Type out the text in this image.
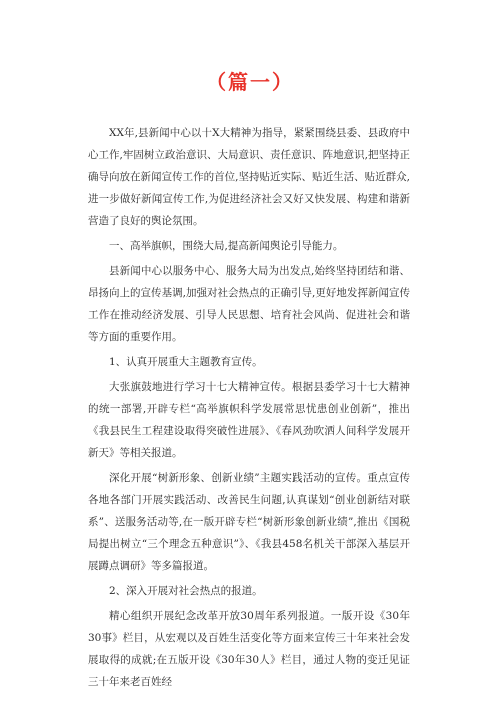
（篇一）

XX年,县新闻中心以十X大精神为指导，紧紧围绕县委、县政府中心工作,牢固树立政治意识、大局意识、责任意识、阵地意识,把坚持正确导向放在新闻宣传工作的首位,坚持贴近实际、贴近生活、贴近群众,进一步做好新闻宣传工作,为促进经济社会又好又快发展、构建和谐新营造了良好的舆论氛围。

一、高举旗帜，围绕大局,提高新闻舆论引导能力。

县新闻中心以服务中心、服务大局为出发点,始终坚持团结和谐、昂扬向上的宣传基调,加强对社会热点的正确引导,更好地发挥新闻宣传工作在推动经济发展、引导人民思想、培育社会风尚、促进社会和谐等方面的重要作用。

1、认真开展重大主题教育宣传。

大张旗鼓地进行学习十七大精神宣传。根据县委学习十七大精神的统一部署,开辟专栏“高举旗帜科学发展常思忧患创业创新”，推出《我县民生工程建设取得突破性进展》、《春风劲吹洒人间科学发展开新天》等相关报道。

深化开展“树新形象、创新业绩”主题实践活动的宣传。重点宣传各地各部门开展实践活动、改善民生问题,认真谋划“创业创新结对联系”、送服务活动等,在一版开辟专栏“树新形象创新业绩”,推出《国税局提出树立“三个理念五种意识”》、《我县458名机关干部深入基层开展蹲点调研》等多篇报道。

2、深入开展对社会热点的报道。

精心组织开展纪念改革开放30周年系列报道。一版开设《30年30事》栏目，从宏观以及百姓生活变化等方面来宣传三十年来社会发展取得的成就;在五版开设《30年30人》栏目，通过人物的变迁见证三十年来老百姓经
